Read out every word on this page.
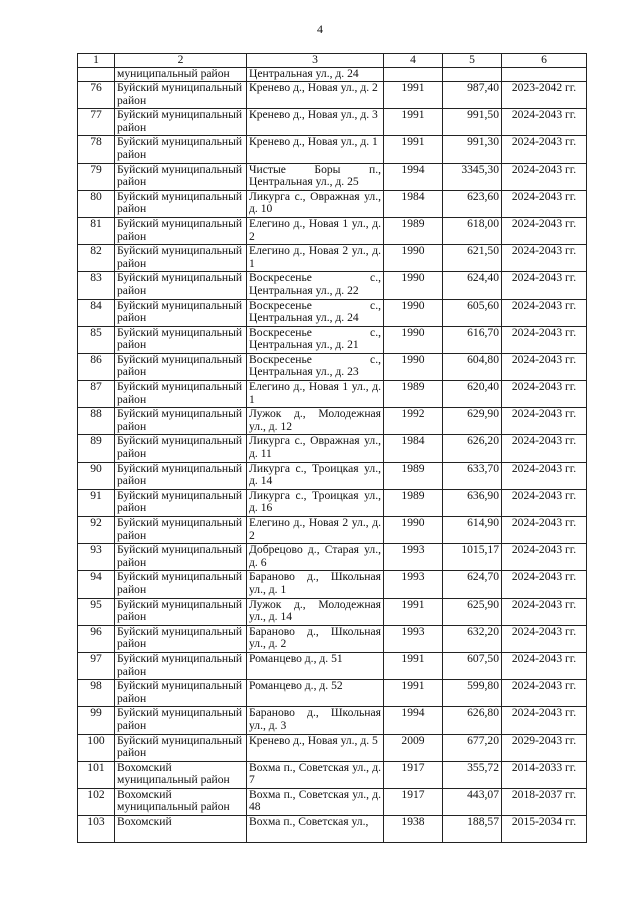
4
1	2	3	4	5	6
	муниципальный район	Центральная ул., д. 24			
76	Буйский муниципальный район	Кренево д., Новая ул., д. 2	1991	987,40	2023-2042 гг.
77	Буйский муниципальный район	Кренево д., Новая ул., д. 3	1991	991,50	2024-2043 гг.
78	Буйский муниципальный район	Кренево д., Новая ул., д. 1	1991	991,30	2024-2043 гг.
79	Буйский муниципальный район	Чистые Боры п., Центральная ул., д. 25	1994	3345,30	2024-2043 гг.
80	Буйский муниципальный район	Ликурга с., Овражная ул., д. 10	1984	623,60	2024-2043 гг.
81	Буйский муниципальный район	Елегино д., Новая 1 ул., д. 2	1989	618,00	2024-2043 гг.
82	Буйский муниципальный район	Елегино д., Новая 2 ул., д. 1	1990	621,50	2024-2043 гг.
83	Буйский муниципальный район	Воскресенье с., Центральная ул., д. 22	1990	624,40	2024-2043 гг.
84	Буйский муниципальный район	Воскресенье с., Центральная ул., д. 24	1990	605,60	2024-2043 гг.
85	Буйский муниципальный район	Воскресенье с., Центральная ул., д. 21	1990	616,70	2024-2043 гг.
86	Буйский муниципальный район	Воскресенье с., Центральная ул., д. 23	1990	604,80	2024-2043 гг.
87	Буйский муниципальный район	Елегино д., Новая 1 ул., д. 1	1989	620,40	2024-2043 гг.
88	Буйский муниципальный район	Лужок д., Молодежная ул., д. 12	1992	629,90	2024-2043 гг.
89	Буйский муниципальный район	Ликурга с., Овражная ул., д. 11	1984	626,20	2024-2043 гг.
90	Буйский муниципальный район	Ликурга с., Троицкая ул., д. 14	1989	633,70	2024-2043 гг.
91	Буйский муниципальный район	Ликурга с., Троицкая ул., д. 16	1989	636,90	2024-2043 гг.
92	Буйский муниципальный район	Елегино д., Новая 2 ул., д. 2	1990	614,90	2024-2043 гг.
93	Буйский муниципальный район	Добрецово д., Старая ул., д. 6	1993	1015,17	2024-2043 гг.
94	Буйский муниципальный район	Бараново д., Школьная ул., д. 1	1993	624,70	2024-2043 гг.
95	Буйский муниципальный район	Лужок д., Молодежная ул., д. 14	1991	625,90	2024-2043 гг.
96	Буйский муниципальный район	Бараново д., Школьная ул., д. 2	1993	632,20	2024-2043 гг.
97	Буйский муниципальный район	Романцево д., д. 51	1991	607,50	2024-2043 гг.
98	Буйский муниципальный район	Романцево д., д. 52	1991	599,80	2024-2043 гг.
99	Буйский муниципальный район	Бараново д., Школьная ул., д. 3	1994	626,80	2024-2043 гг.
100	Буйский муниципальный район	Кренево д., Новая ул., д. 5	2009	677,20	2029-2043 гг.
101	Вохомский муниципальный район	Вохма п., Советская ул., д. 7	1917	355,72	2014-2033 гг.
102	Вохомский муниципальный район	Вохма п., Советская ул., д. 48	1917	443,07	2018-2037 гг.
103	Вохомский	Вохма п., Советская ул.,	1938	188,57	2015-2034 гг.
